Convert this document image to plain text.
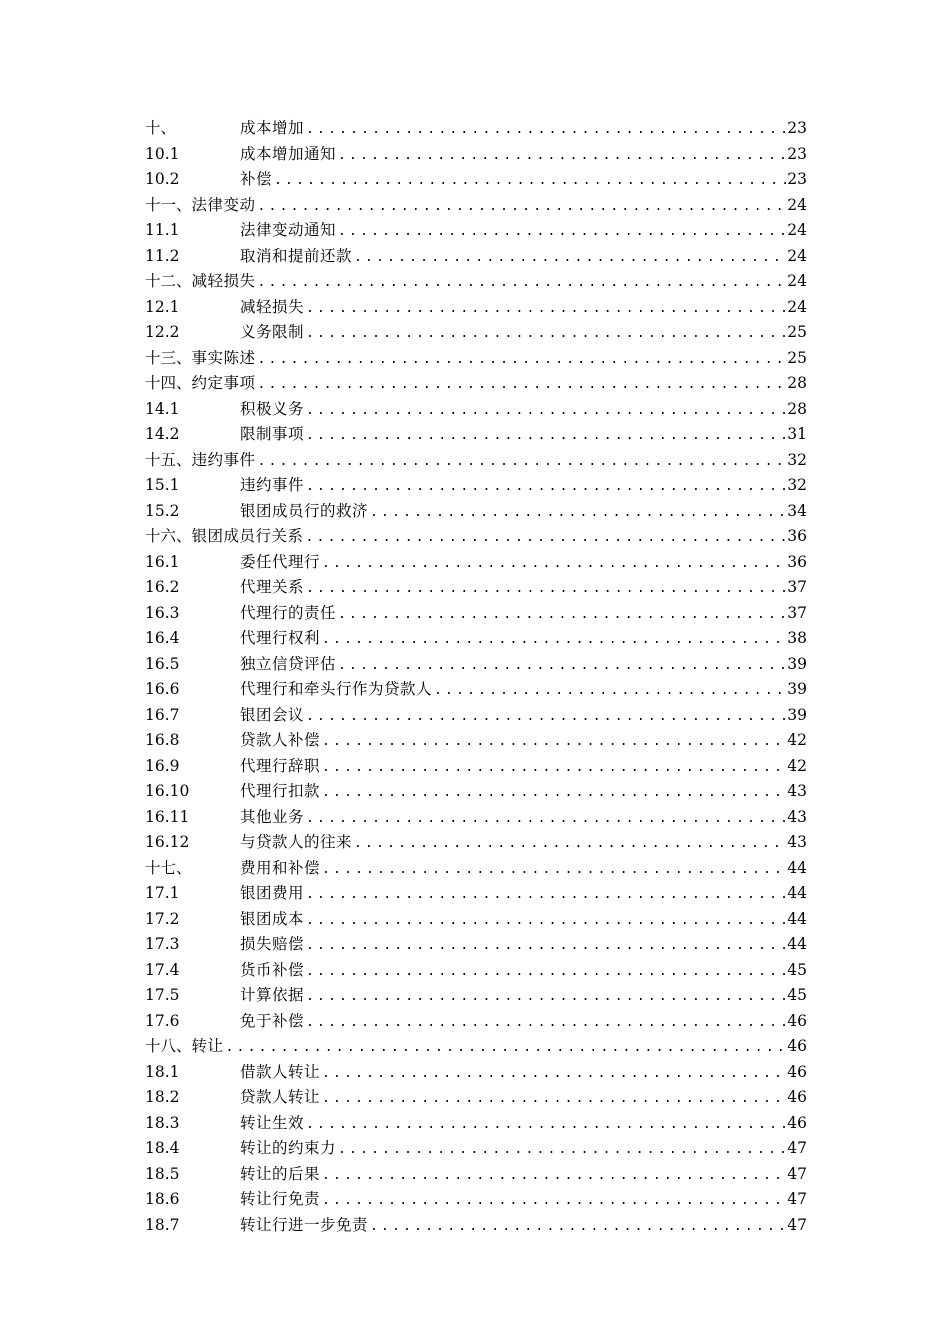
十、	成本增加 .....	23
10.1	成本增加通知 .....	23
10.2	补偿 .....	23
十一、 法律变动 .....	24
11.1	法律变动通知 .....	24
11.2	取消和提前还款 .....	24
十二、 减轻损失 .....	24
12.1	减轻损失 .....	24
12.2	义务限制 .....	25
十三、 事实陈述 .....	25
十四、 约定事项 .....	28
14.1	积极义务 .....	28
14.2	限制事项 .....	31
十五、 违约事件 .....	32
15.1	违约事件 .....	32
15.2	银团成员行的救济 .....	34
十六、 银团成员行关系 .....	36
16.1	委任代理行 .....	36
16.2	代理关系 .....	37
16.3	代理行的责任 .....	37
16.4	代理行权利 .....	38
16.5	独立信贷评估 .....	39
16.6	代理行和牵头行作为贷款人 .....	39
16.7	银团会议 .....	39
16.8	贷款人补偿 .....	42
16.9	代理行辞职 .....	42
16.10	代理行扣款 .....	43
16.11	其他业务 .....	43
16.12	与贷款人的往来 .....	43
十七、	费用和补偿 .....	44
17.1	银团费用 .....	44
17.2	银团成本 .....	44
17.3	损失赔偿 .....	44
17.4	货币补偿 .....	45
17.5	计算依据 .....	45
17.6	免于补偿 .....	46
十八、 转让 .....	46
18.1	借款人转让 .....	46
18.2	贷款人转让 .....	46
18.3	转让生效 .....	46
18.4	转让的约束力 .....	47
18.5	转让的后果 .....	47
18.6	转让行免责 .....	47
18.7	转让行进一步免责 .....	47
